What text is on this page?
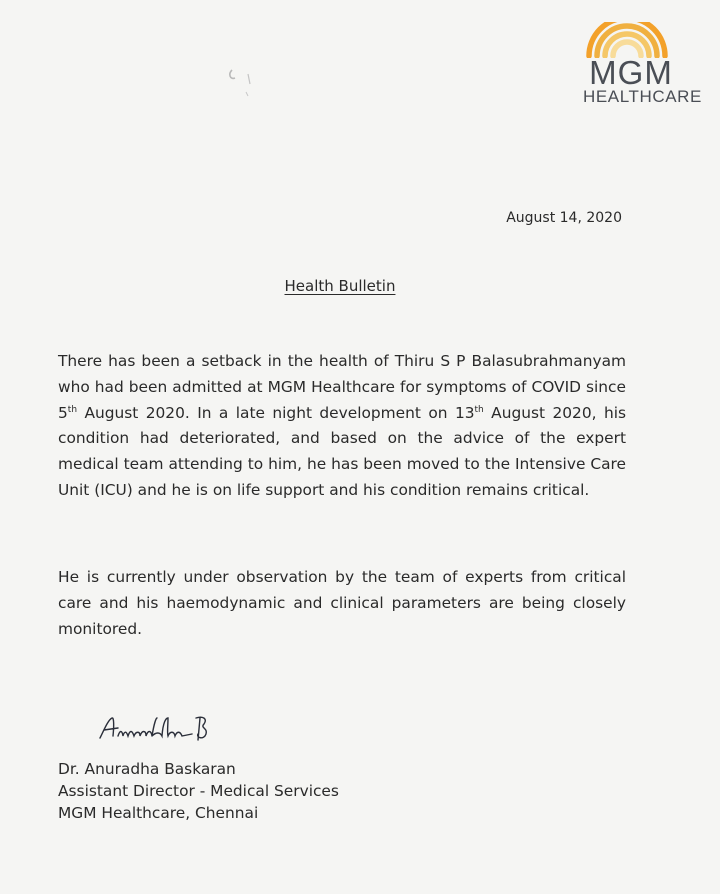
MGM
HEALTHCARE
August 14, 2020
Health Bulletin
There has been a setback in the health of Thiru S P Balasubrahmanyam who had been admitted at MGM Healthcare for symptoms of COVID since 5th August 2020. In a late night development on 13th August 2020, his condition had deteriorated, and based on the advice of the expert medical team attending to him, he has been moved to the Intensive Care Unit (ICU) and he is on life support and his condition remains critical.
He is currently under observation by the team of experts from critical care and his haemodynamic and clinical parameters are being closely monitored.
Dr. Anuradha Baskaran
Assistant Director - Medical Services
MGM Healthcare, Chennai
